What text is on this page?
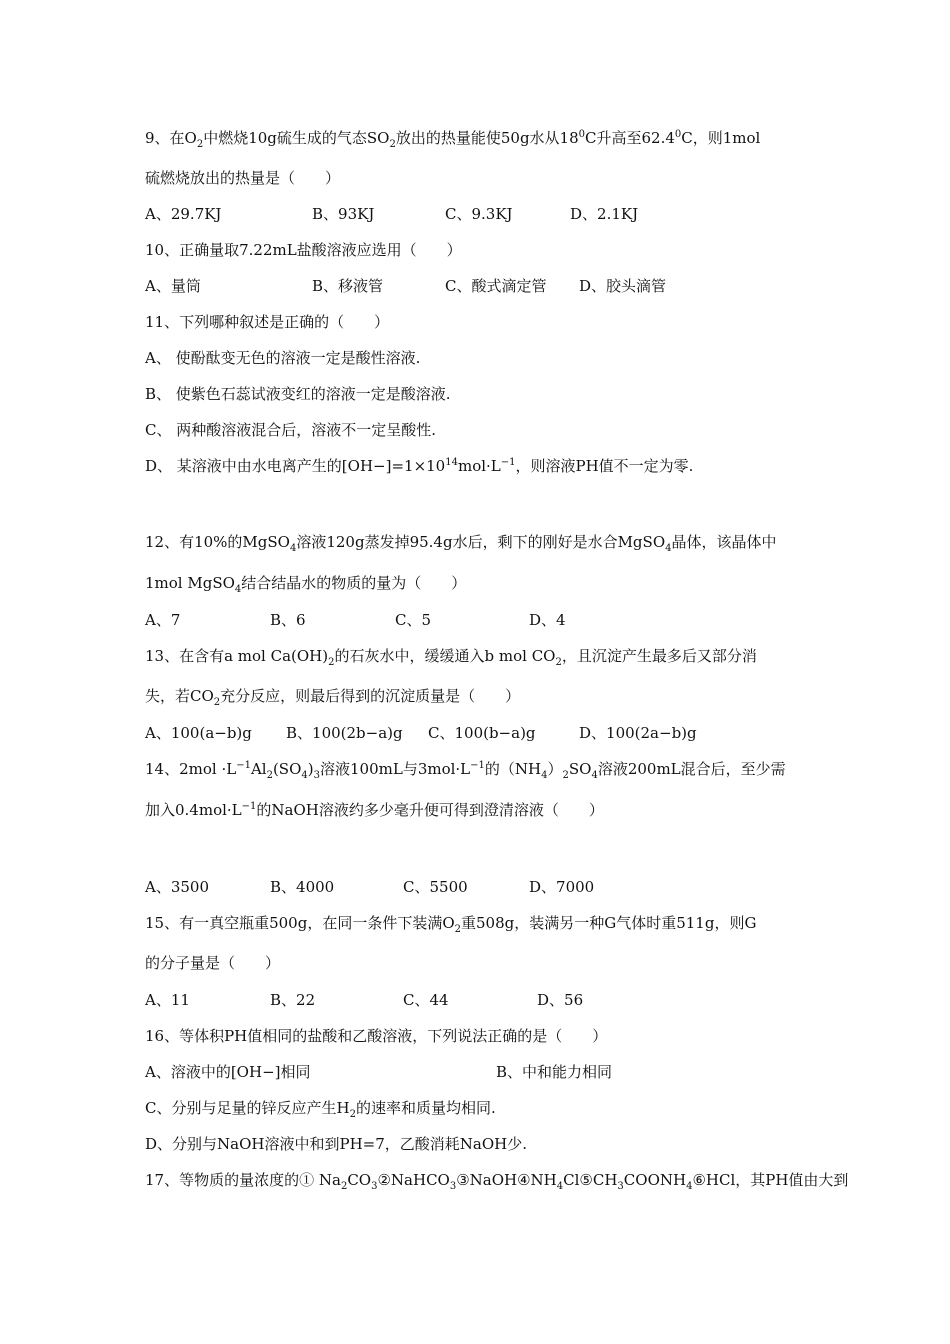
9、在$O_2$中燃烧10g硫生成的气态$SO_2$放出的热量能使50g水从$18^0C$升高至62.4$^0$C，则1mol
硫燃烧放出的热量是（　　）
A、29.7KJ	B、93KJ	C、9.3KJ	D、2.1KJ
10、正确量取7.22mL盐酸溶液应选用（　　）
A、量筒	B、移液管	C、酸式滴定管 D、胶头滴管
11、下列哪种叙述是正确的（　　）
A、 使酚酞变无色的溶液一定是酸性溶液.
B、 使紫色石蕊试液变红的溶液一定是酸溶液.
C、 两种酸溶液混合后，溶液不一定呈酸性.
D、 某溶液中由水电离产生的$[OH-]=1\times 10^{14}mol\cdot L^{-1}$，则溶液PH值不一定为零.
12、有10%的MgSO$_4$溶液120g蒸发掉95.4g水后，剩下的刚好是水合MgSO$_4$晶体，该晶体中
1mol MgSO$_4$结合结晶水的物质的量为（　　）
A、7	B、6	C、5	D、4
13、在含有a mol $Ca(OH)_2$的石灰水中，缓缓通入b mol $CO_2$，且沉淀产生最多后又部分消
失，若$CO_2$充分反应，则最后得到的沉淀质量是（　　）
A、100(a−b)g B、100(2b−a)g C、100(b−a)g	D、100(2a−b)g
14、$2mol \cdot L^{-1}Al_2(SO_4)_3$溶液100mL与$3mol\cdot L^{-1}$的$(NH_4)_2SO_4$溶液200mL混合后，至少需
加入$0.4mol\cdot L^{-1}$的NaOH溶液约多少毫升便可得到澄清溶液（　　）
A、3500	B、4000	C、5500	D、7000
15、有一真空瓶重500g，在同一条件下装满$O_2$重508g，装满另一种G气体时重511g，则G
的分子量是（　　）
A、11	B、22	C、44	D、56
16、等体积PH值相同的盐酸和乙酸溶液，下列说法正确的是（　　）
A、溶液中的[OH−]相同	B、中和能力相同
C、分别与足量的锌反应产生$H_2$的速率和质量均相同.
D、分别与NaOH溶液中和到PH=7，乙酸消耗NaOH少.
17、等物质的量浓度的① $Na_2CO_3②NaHCO_3③NaOH④NH_4Cl⑤CH_3COONH_4⑥HCl$，其PH值由大到
